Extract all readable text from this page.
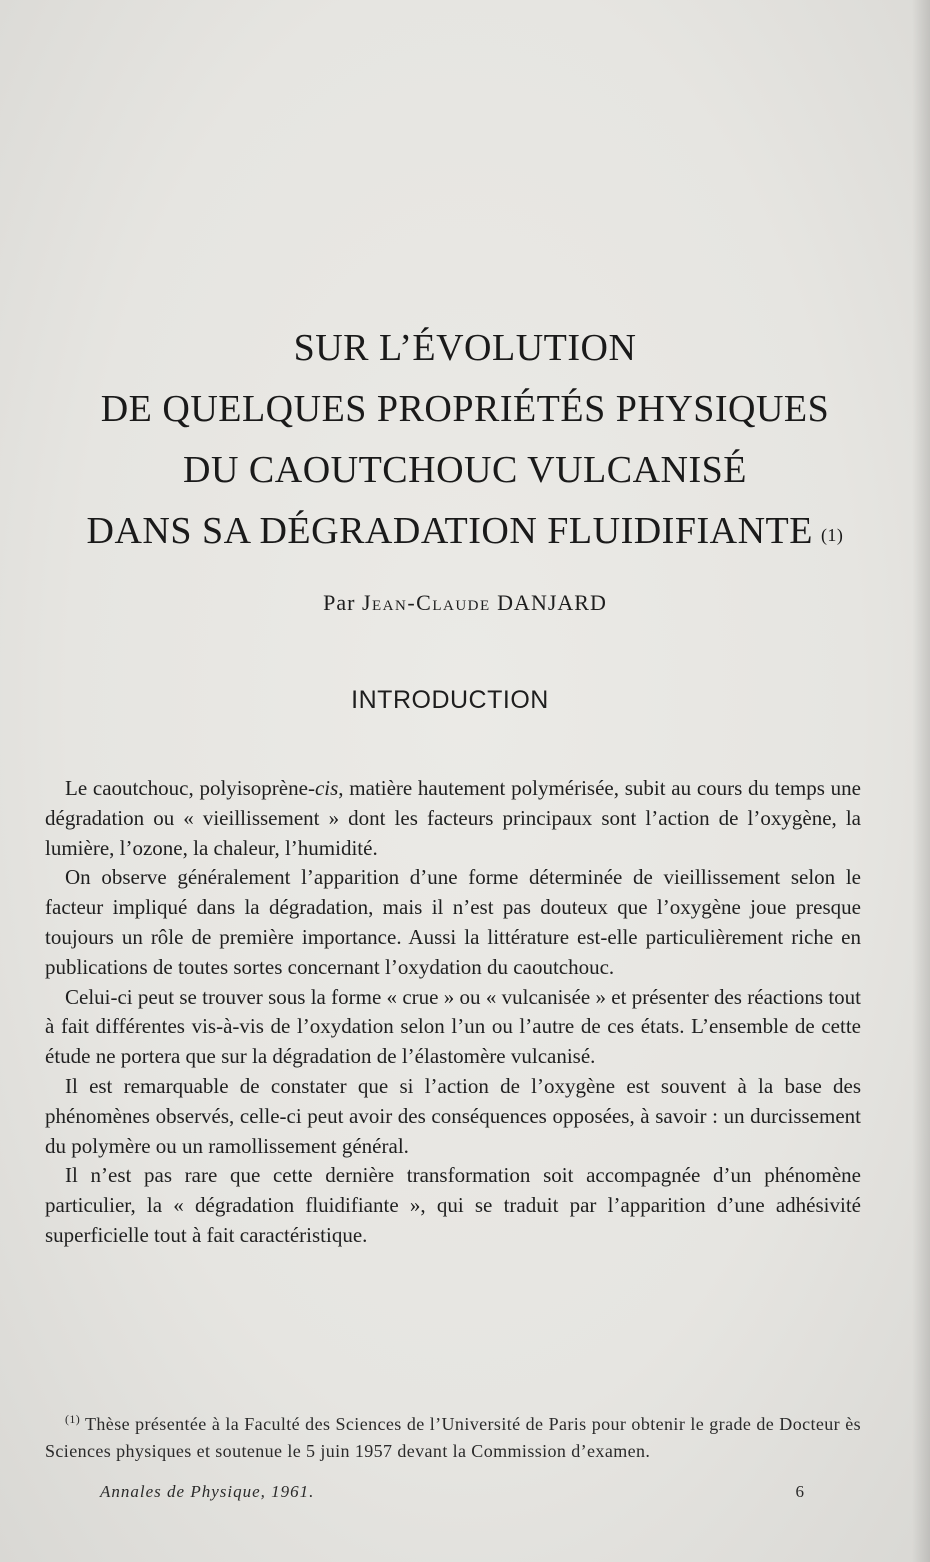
SUR L’ÉVOLUTION
DE QUELQUES PROPRIÉTÉS PHYSIQUES
DU CAOUTCHOUC VULCANISÉ
DANS SA DÉGRADATION FLUIDIFIANTE $^{(1)}$

Par Jean-Claude DANJARD

INTRODUCTION

Le caoutchouc, polyisoprène-cis, matière hautement polymérisée, subit au cours du temps une dégradation ou « vieillissement » dont les facteurs principaux sont l’action de l’oxygène, la lumière, l’ozone, la chaleur, l’humidité.

On observe généralement l’apparition d’une forme déterminée de vieillissement selon le facteur impliqué dans la dégradation, mais il n’est pas douteux que l’oxygène joue presque toujours un rôle de première importance. Aussi la littérature est-elle particulièrement riche en publications de toutes sortes concernant l’oxydation du caoutchouc.

Celui-ci peut se trouver sous la forme « crue » ou « vulcanisée » et présenter des réactions tout à fait différentes vis-à-vis de l’oxydation selon l’un ou l’autre de ces états. L’ensemble de cette étude ne portera que sur la dégradation de l’élastomère vulcanisé.

Il est remarquable de constater que si l’action de l’oxygène est souvent à la base des phénomènes observés, celle-ci peut avoir des conséquences opposées, à savoir : un durcissement du polymère ou un ramollissement général.

Il n’est pas rare que cette dernière transformation soit accompagnée d’un phénomène particulier, la « dégradation fluidifiante », qui se traduit par l’apparition d’une adhésivité superficielle tout à fait caractéristique.

$^{(1)}$ Thèse présentée à la Faculté des Sciences de l’Université de Paris pour obtenir le grade de Docteur ès Sciences physiques et soutenue le 5 juin 1957 devant la Commission d’examen.

Annales de Physique, 1961.	6
